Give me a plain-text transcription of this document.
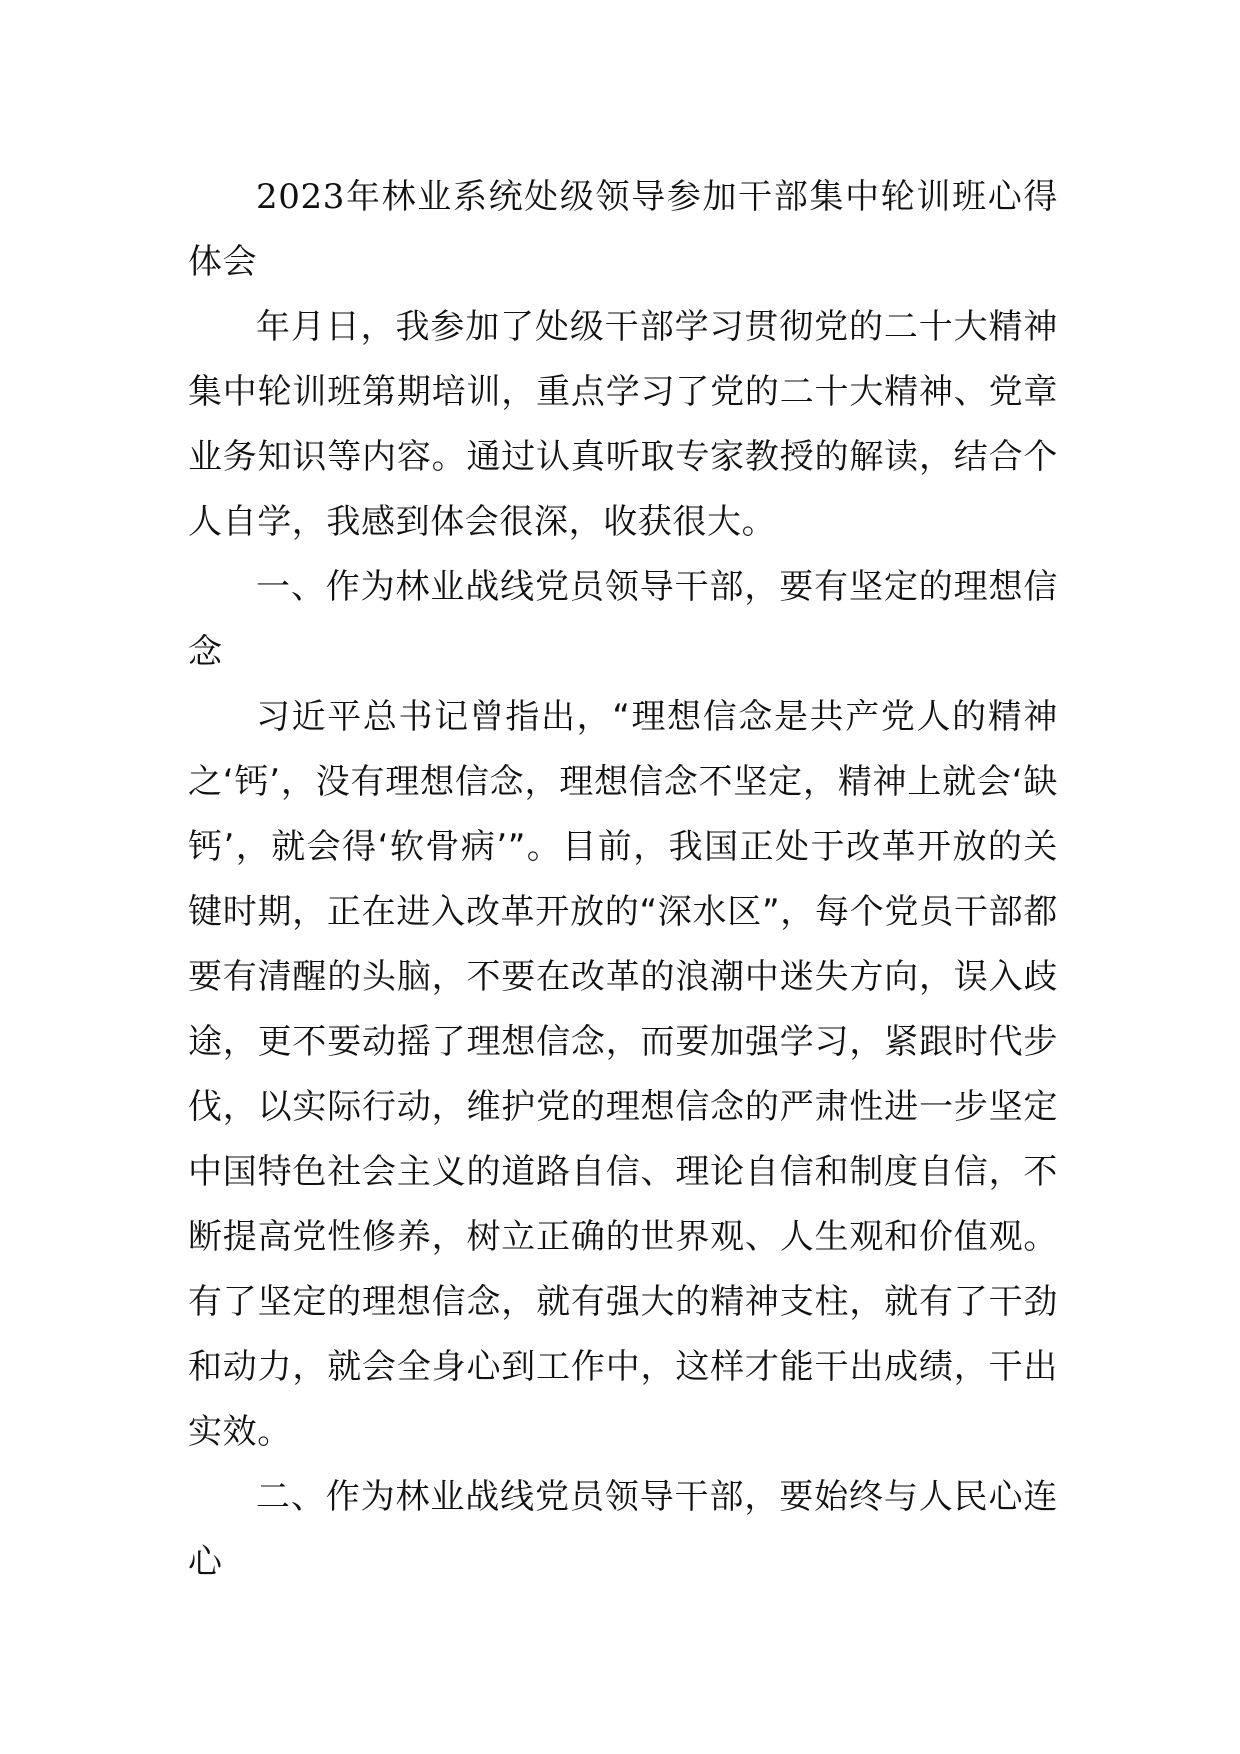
2023年林业系统处级领导参加干部集中轮训班心得体会

年月日，我参加了处级干部学习贯彻党的二十大精神集中轮训班第期培训，重点学习了党的二十大精神、党章业务知识等内容。通过认真听取专家教授的解读，结合个人自学，我感到体会很深，收获很大。

一、作为林业战线党员领导干部，要有坚定的理想信念

习近平总书记曾指出，“理想信念是共产党人的精神之‘钙’，没有理想信念，理想信念不坚定，精神上就会‘缺钙’，就会得‘软骨病’”。目前，我国正处于改革开放的关键时期，正在进入改革开放的“深水区”，每个党员干部都要有清醒的头脑，不要在改革的浪潮中迷失方向，误入歧途，更不要动摇了理想信念，而要加强学习，紧跟时代步伐，以实际行动，维护党的理想信念的严肃性进一步坚定中国特色社会主义的道路自信、理论自信和制度自信，不断提高党性修养，树立正确的世界观、人生观和价值观。有了坚定的理想信念，就有强大的精神支柱，就有了干劲和动力，就会全身心到工作中，这样才能干出成绩，干出实效。

二、作为林业战线党员领导干部，要始终与人民心连心
